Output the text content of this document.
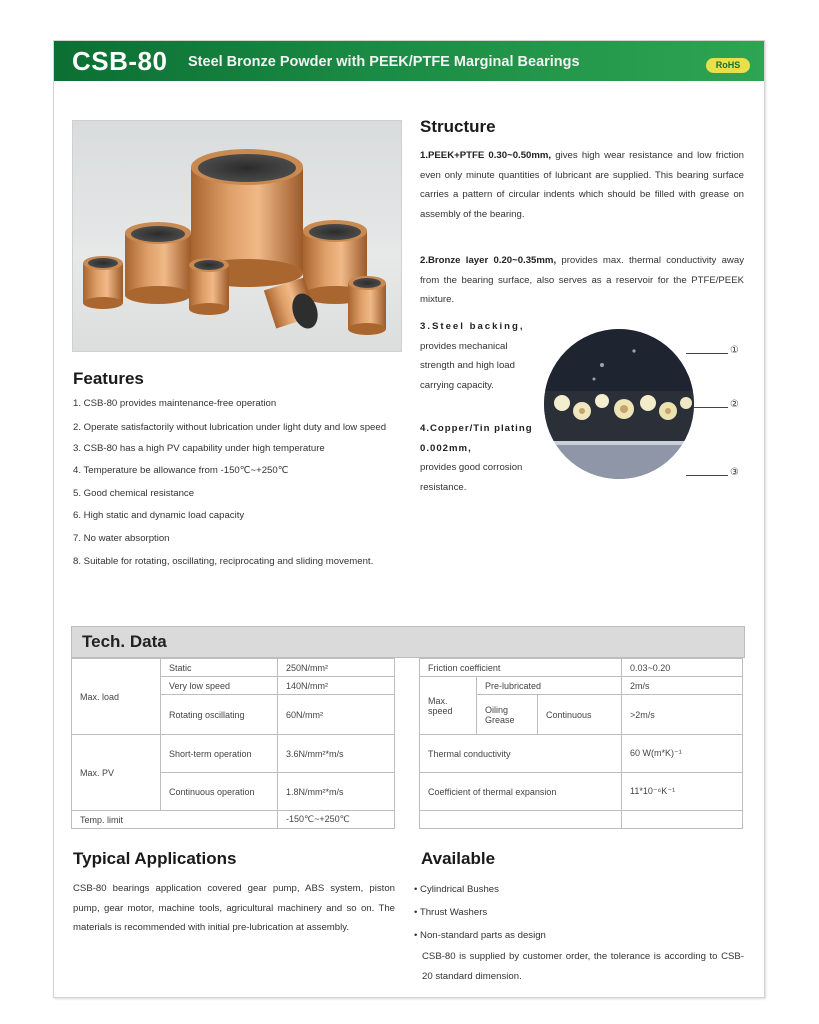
CSB-80 Steel Bronze Powder with PEEK/PTFE Marginal Bearings	RoHS
Structure
1.PEEK+PTFE 0.30~0.50mm, gives high wear resistance and low friction even only minute quantities of lubricant are supplied. This bearing surface carries a pattern of circular indents which should be filled with grease on assembly of the bearing.
2.Bronze layer 0.20~0.35mm, provides max. thermal conductivity away from the bearing surface, also serves as a reservoir for the PTFE/PEEK mixture.
3.Steel backing,
provides mechanical strength and high load carrying capacity.
4.Copper/Tin plating 0.002mm,
provides good corrosion resistance.
①
②
③
Features
1. CSB-80 provides maintenance-free operation
2. Operate satisfactorily without lubrication under light duty and low speed
3. CSB-80 has a high PV capability under high temperature
4. Temperature be allowance from -150℃~+250℃
5. Good chemical resistance
6. High static and dynamic load capacity
7. No water absorption
8. Suitable for rotating, oscillating, reciprocating and sliding movement.
Tech. Data
Max. load	Static	250N/mm²
	Very low speed	140N/mm²
	Rotating oscillating	60N/mm²
Max. PV	Short-term operation	3.6N/mm²*m/s
	Continuous operation	1.8N/mm²*m/s
Temp. limit		-150℃~+250℃
Friction coefficient			0.03~0.20
Max. speed	Pre-lubricated		2m/s
	Oiling Grease	Continuous	>2m/s
Thermal conductivity			60 W(m*K)⁻¹
Coefficient of thermal expansion			11*10⁻⁶K⁻¹

Typical Applications
CSB-80 bearings application covered gear pump, ABS system, piston pump, gear motor, machine tools, agricultural machinery and so on. The materials is recommended with initial pre-lubrication at assembly.
Available
• Cylindrical Bushes
• Thrust Washers
• Non-standard parts as design
CSB-80 is supplied by customer order, the tolerance is according to CSB-20 standard dimension.
